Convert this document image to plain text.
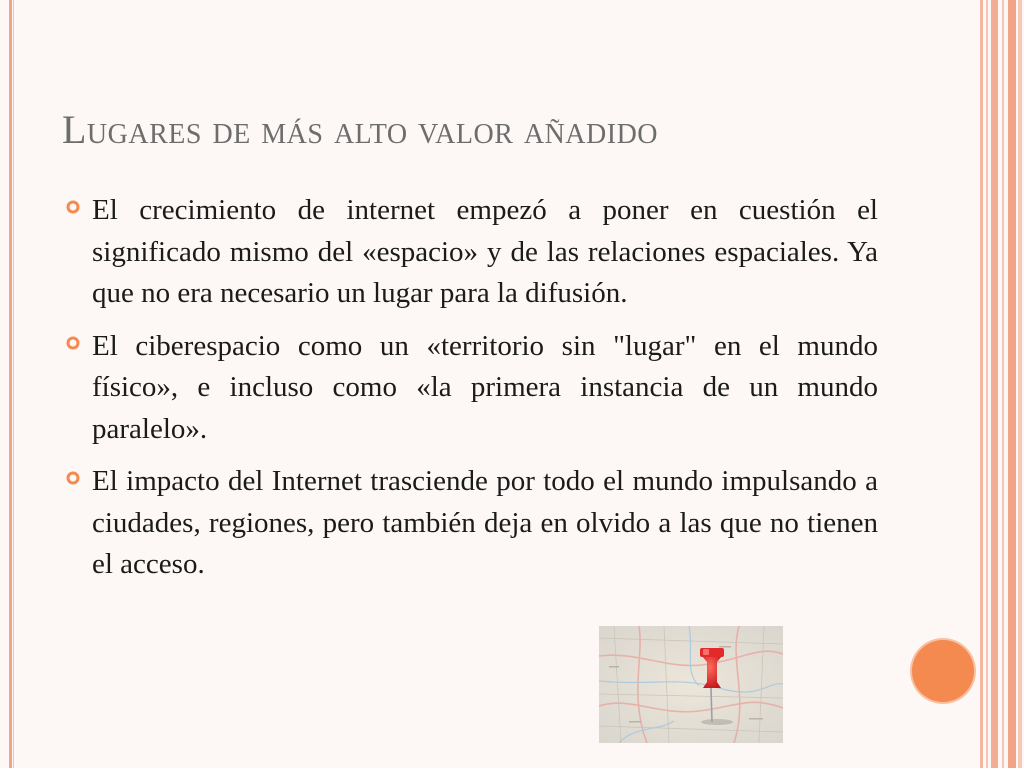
Lugares de más alto valor añadido
El crecimiento de internet empezó a poner en cuestión el significado mismo del «espacio» y de las relaciones espaciales. Ya que no era necesario un lugar para la difusión.
El ciberespacio como un «territorio sin "lugar" en el mundo físico», e incluso como «la primera instancia de un mundo paralelo».
El impacto del Internet trasciende por todo el mundo impulsando a ciudades, regiones, pero también deja en olvido a las que no tienen el acceso.
